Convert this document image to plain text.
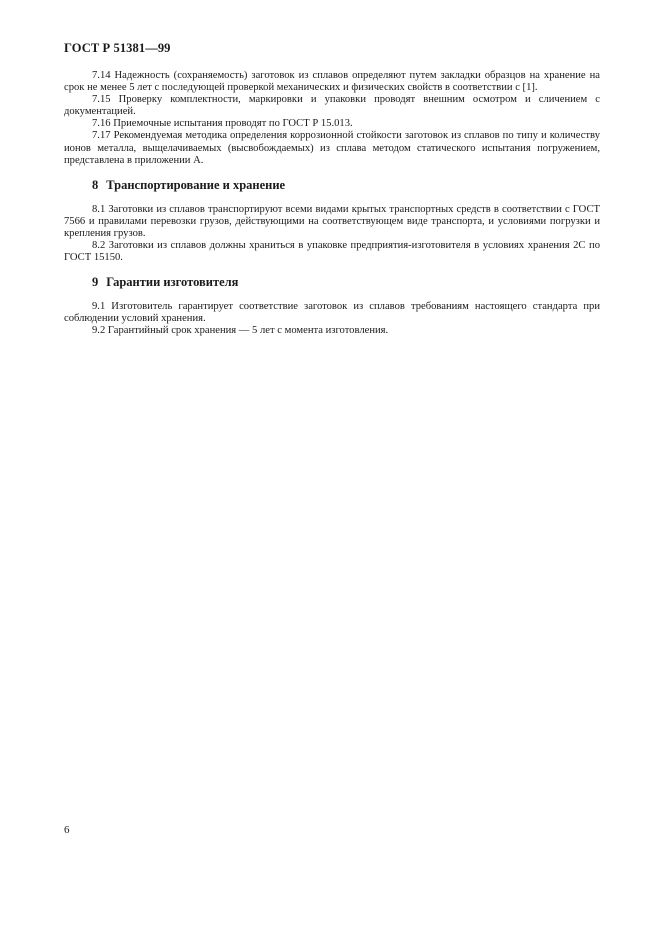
ГОСТ Р 51381—99

7.14 Надежность (сохраняемость) заготовок из сплавов определяют путем закладки образцов на хранение на срок не менее 5 лет с последующей проверкой механических и физических свойств в соответствии с [1].

7.15 Проверку комплектности, маркировки и упаковки проводят внешним осмотром и сличением с документацией.

7.16 Приемочные испытания проводят по ГОСТ Р 15.013.

7.17 Рекомендуемая методика определения коррозионной стойкости заготовок из сплавов по типу и количеству ионов металла, выщелачиваемых (высвобождаемых) из сплава методом статического испытания погружением, представлена в приложении А.

8 Транспортирование и хранение

8.1 Заготовки из сплавов транспортируют всеми видами крытых транспортных средств в соответствии с ГОСТ 7566 и правилами перевозки грузов, действующими на соответствующем виде транспорта, и условиями погрузки и крепления грузов.

8.2 Заготовки из сплавов должны храниться в упаковке предприятия-изготовителя в условиях хранения 2С по ГОСТ 15150.

9 Гарантии изготовителя

9.1 Изготовитель гарантирует соответствие заготовок из сплавов требованиям настоящего стандарта при соблюдении условий хранения.

9.2 Гарантийный срок хранения — 5 лет с момента изготовления.

6
